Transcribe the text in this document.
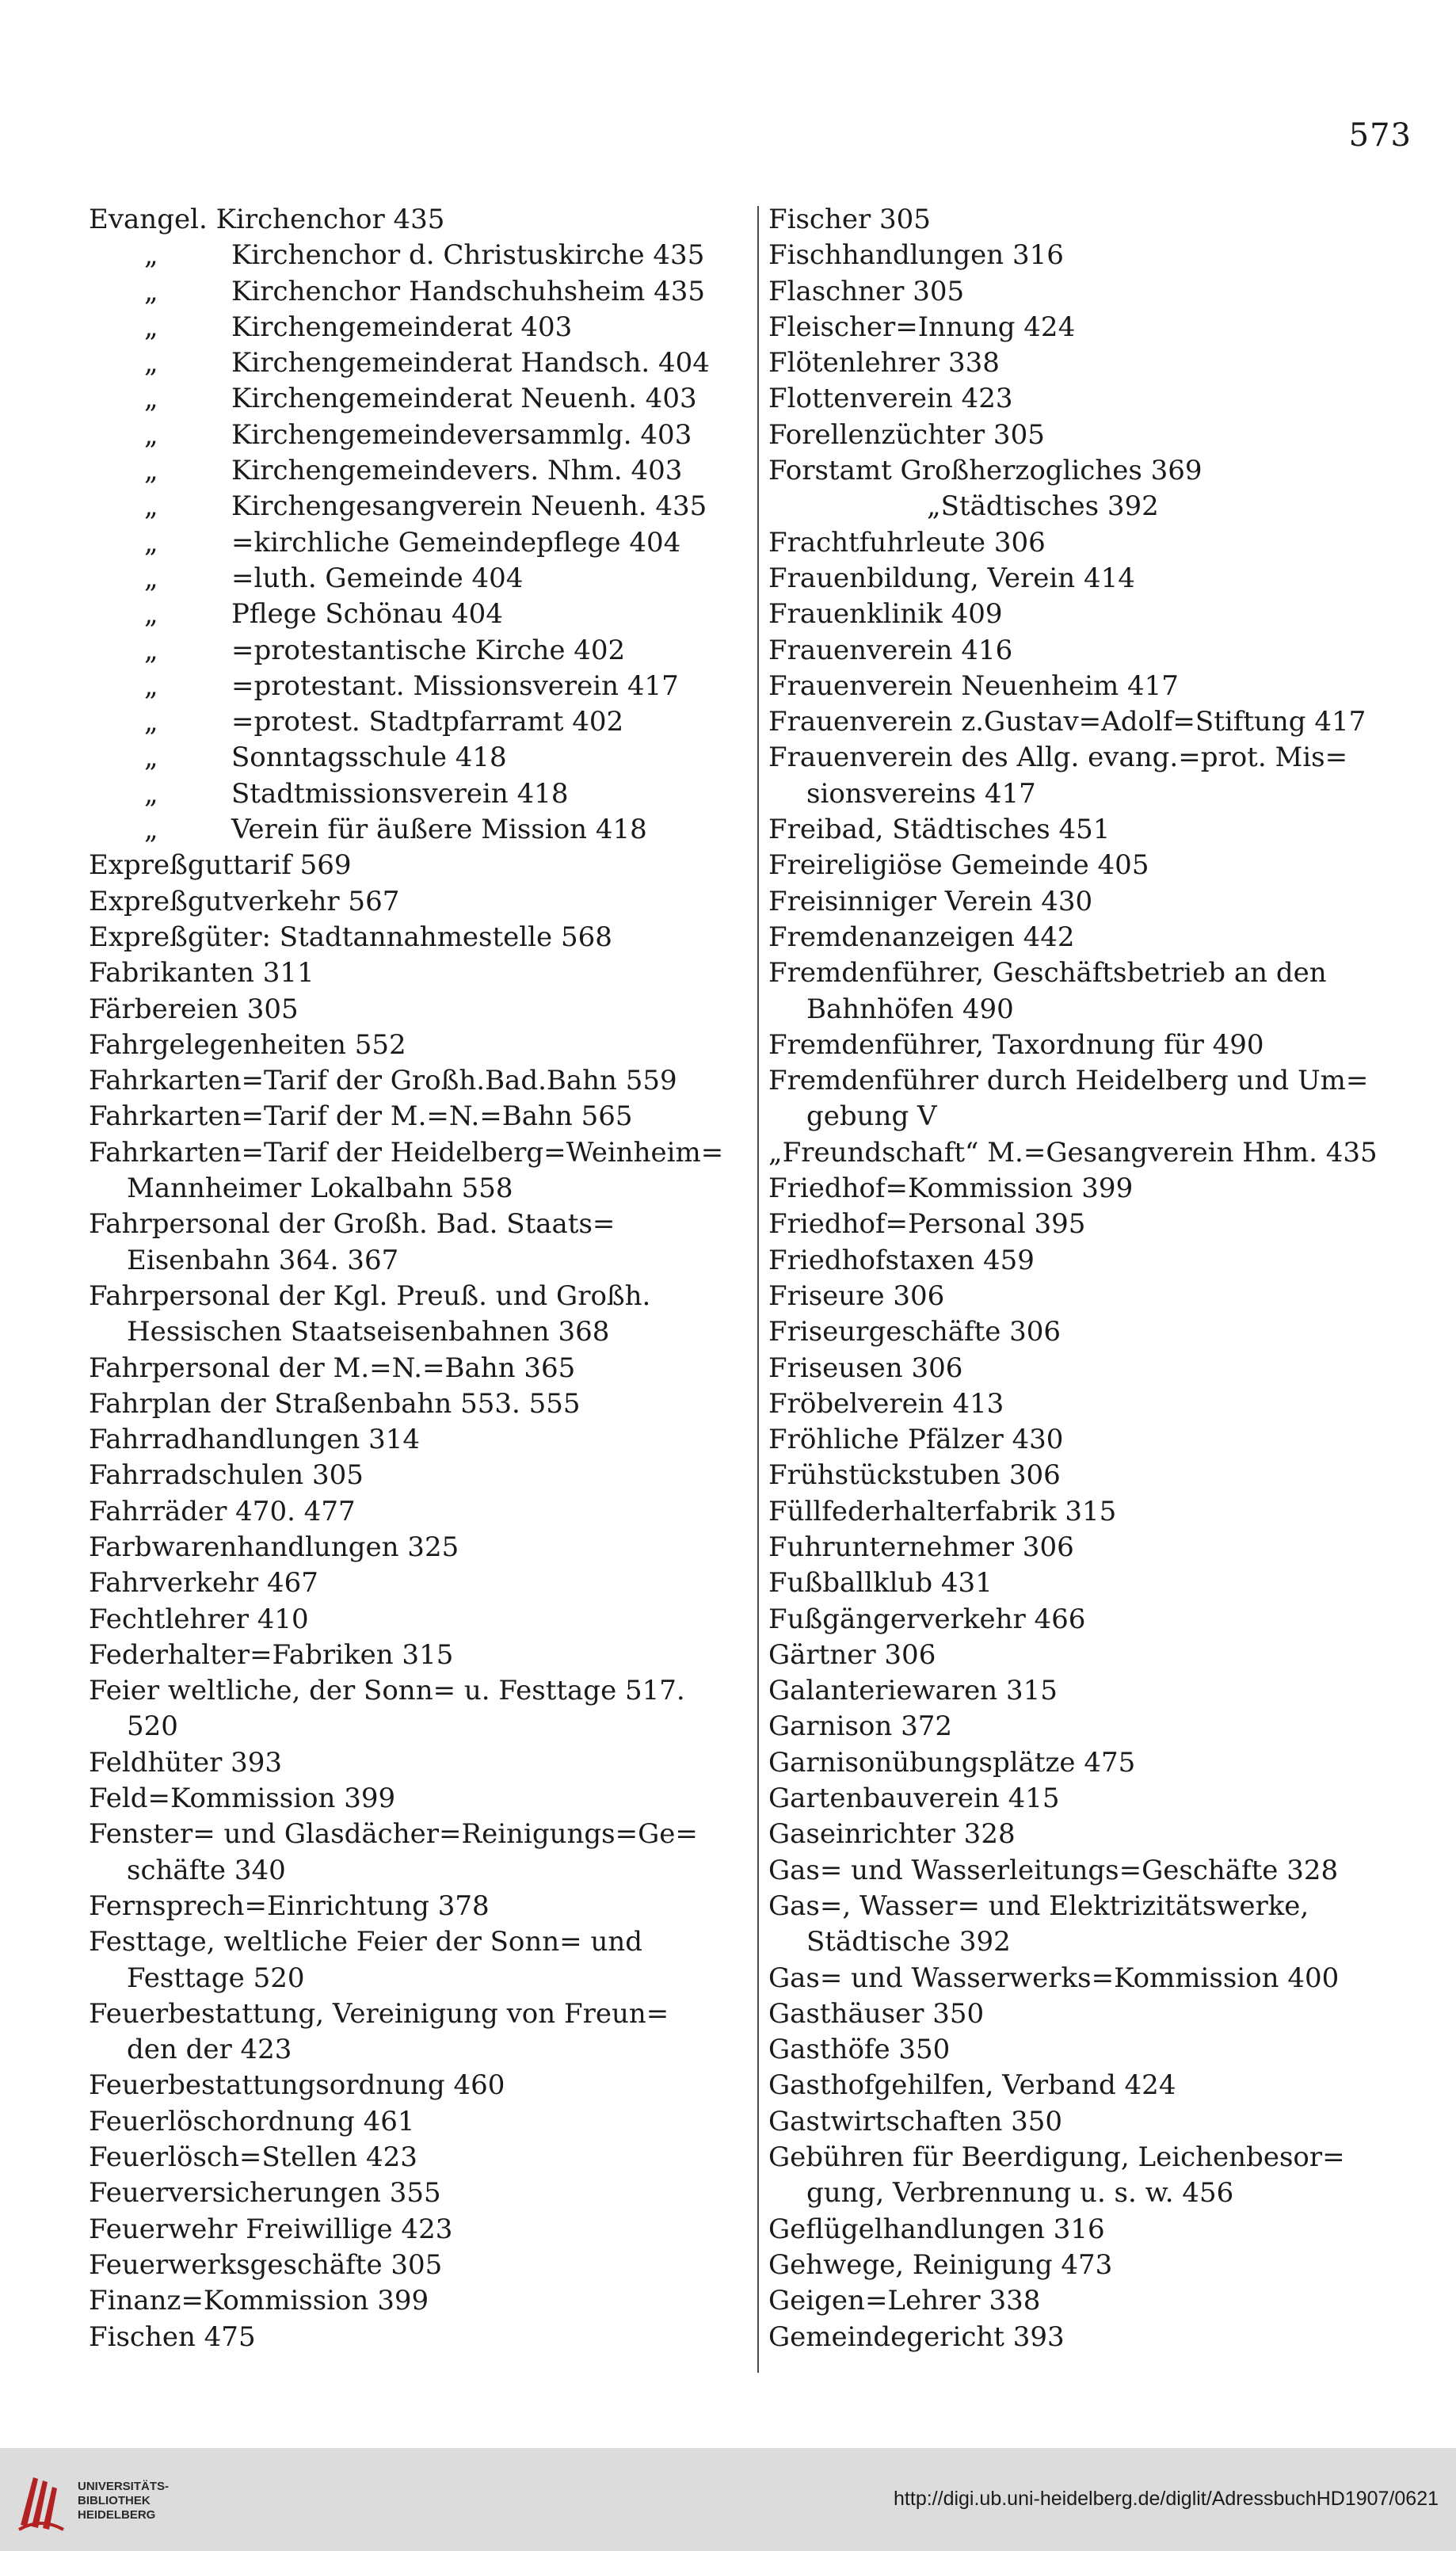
573
Evangel. Kirchenchor 435
„	Kirchenchor d. Christuskirche 435
„	Kirchenchor Handschuhsheim 435
„	Kirchengemeinderat 403
„	Kirchengemeinderat Handsch. 404
„	Kirchengemeinderat Neuenh. 403
„	Kirchengemeindeversammlg. 403
„	Kirchengemeindevers. Nhm. 403
„	Kirchengesangverein Neuenh. 435
„	=kirchliche Gemeindepflege 404
„	=luth. Gemeinde 404
„	Pflege Schönau 404
„	=protestantische Kirche 402
„	=protestant. Missionsverein 417
„	=protest. Stadtpfarramt 402
„	Sonntagsschule 418
„	Stadtmissionsverein 418
„	Verein für äußere Mission 418
Expreßguttarif 569
Expreßgutverkehr 567
Expreßgüter: Stadtannahmestelle 568
Fabrikanten 311
Färbereien 305
Fahrgelegenheiten 552
Fahrkarten=Tarif der Großh.Bad.Bahn 559
Fahrkarten=Tarif der M.=N.=Bahn 565
Fahrkarten=Tarif der Heidelberg=Weinheim=
Mannheimer Lokalbahn 558
Fahrpersonal der Großh. Bad. Staats=
Eisenbahn 364. 367
Fahrpersonal der Kgl. Preuß. und Großh.
Hessischen Staatseisenbahnen 368
Fahrpersonal der M.=N.=Bahn 365
Fahrplan der Straßenbahn 553. 555
Fahrradhandlungen 314
Fahrradschulen 305
Fahrräder 470. 477
Farbwarenhandlungen 325
Fahrverkehr 467
Fechtlehrer 410
Federhalter=Fabriken 315
Feier weltliche, der Sonn= u. Festtage 517.
520
Feldhüter 393
Feld=Kommission 399
Fenster= und Glasdächer=Reinigungs=Ge=
schäfte 340
Fernsprech=Einrichtung 378
Festtage, weltliche Feier der Sonn= und
Festtage 520
Feuerbestattung, Vereinigung von Freun=
den der 423
Feuerbestattungsordnung 460
Feuerlöschordnung 461
Feuerlösch=Stellen 423
Feuerversicherungen 355
Feuerwehr Freiwillige 423
Feuerwerksgeschäfte 305
Finanz=Kommission 399
Fischen 475
Fischer 305
Fischhandlungen 316
Flaschner 305
Fleischer=Innung 424
Flötenlehrer 338
Flottenverein 423
Forellenzüchter 305
Forstamt Großherzogliches 369
„Städtisches 392
Frachtfuhrleute 306
Frauenbildung, Verein 414
Frauenklinik 409
Frauenverein 416
Frauenverein Neuenheim 417
Frauenverein z.Gustav=Adolf=Stiftung 417
Frauenverein des Allg. evang.=prot. Mis=
sionsvereins 417
Freibad, Städtisches 451
Freireligiöse Gemeinde 405
Freisinniger Verein 430
Fremdenanzeigen 442
Fremdenführer, Geschäftsbetrieb an den
Bahnhöfen 490
Fremdenführer, Taxordnung für 490
Fremdenführer durch Heidelberg und Um=
gebung V
„Freundschaft“ M.=Gesangverein Hhm. 435
Friedhof=Kommission 399
Friedhof=Personal 395
Friedhofstaxen 459
Friseure 306
Friseurgeschäfte 306
Friseusen 306
Fröbelverein 413
Fröhliche Pfälzer 430
Frühstückstuben 306
Füllfederhalterfabrik 315
Fuhrunternehmer 306
Fußballklub 431
Fußgängerverkehr 466
Gärtner 306
Galanteriewaren 315
Garnison 372
Garnisonübungsplätze 475
Gartenbauverein 415
Gaseinrichter 328
Gas= und Wasserleitungs=Geschäfte 328
Gas=, Wasser= und Elektrizitätswerke,
Städtische 392
Gas= und Wasserwerks=Kommission 400
Gasthäuser 350
Gasthöfe 350
Gasthofgehilfen, Verband 424
Gastwirtschaften 350
Gebühren für Beerdigung, Leichenbesor=
gung, Verbrennung u. s. w. 456
Geflügelhandlungen 316
Gehwege, Reinigung 473
Geigen=Lehrer 338
Gemeindegericht 393
UNIVERSITÄTS-
BIBLIOTHEK
HEIDELBERG
http://digi.ub.uni-heidelberg.de/diglit/AdressbuchHD1907/0621
